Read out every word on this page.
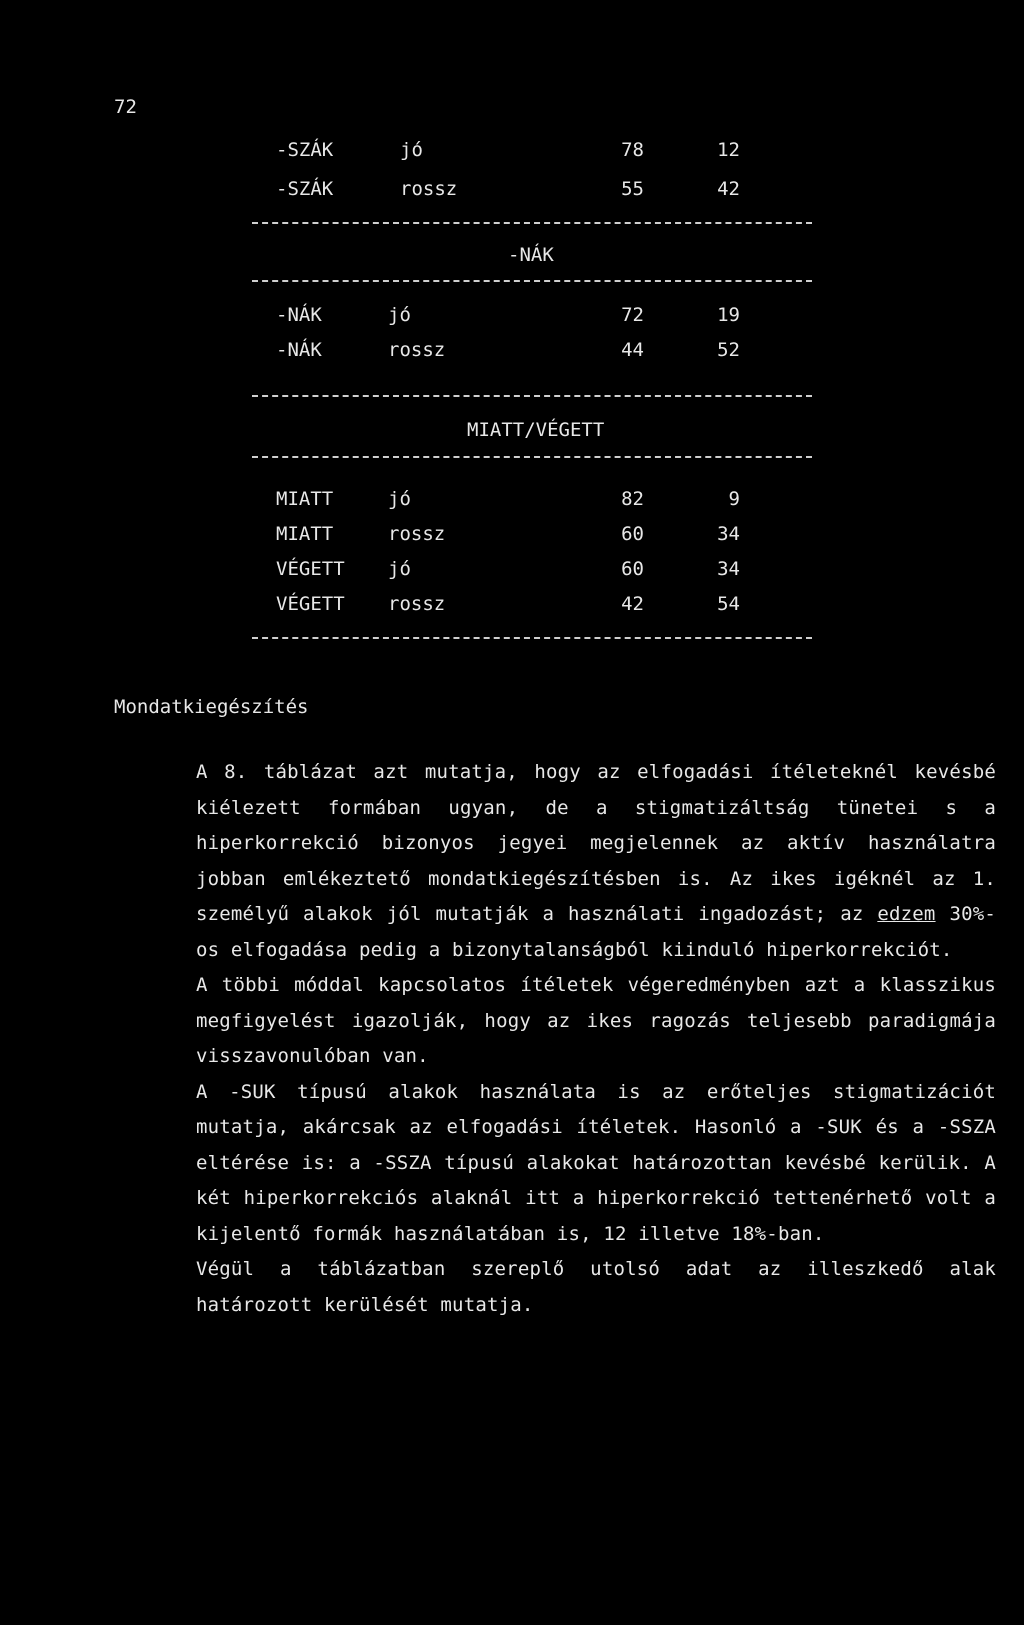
72
-SZÁK	jó	78	12
-SZÁK	rossz	55	42
-NÁK
-NÁK	jó	72	19
-NÁK	rossz	44	52
MIATT/VÉGETT
MIATT	jó	82	9
MIATT	rossz	60	34
VÉGETT jó	60	34
VÉGETT rossz	42	54
Mondatkiegészítés

A 8. táblázat azt mutatja, hogy az elfogadási ítéleteknél kevésbé kiélezett formában ugyan, de a stigmatizáltság tünetei s a hiperkorrekció bizonyos jegyei megjelennek az aktív használatra jobban emlékeztető mondatkiegészítésben is. Az ikes igéknél az 1. személyű alakok jól mutatják a használati ingadozást; az edzem 30%-os elfogadása pedig a bizonytalanságból kiinduló hiperkorrekciót.

A többi móddal kapcsolatos ítéletek végeredményben azt a klasszikus megfigyelést igazolják, hogy az ikes ragozás teljesebb paradigmája visszavonulóban van.

A -SUK típusú alakok használata is az erőteljes stigmatizációt mutatja, akárcsak az elfogadási ítéletek. Hasonló a -SUK és a -SSZA eltérése is: a -SSZA típusú alakokat határozottan kevésbé kerülik. A két hiperkorrekciós alaknál itt a hiperkorrekció tettenérhető volt a kijelentő formák használatában is, 12 illetve 18%-ban.

Végül a táblázatban szereplő utolsó adat az illeszkedő alak határozott kerülését mutatja.
